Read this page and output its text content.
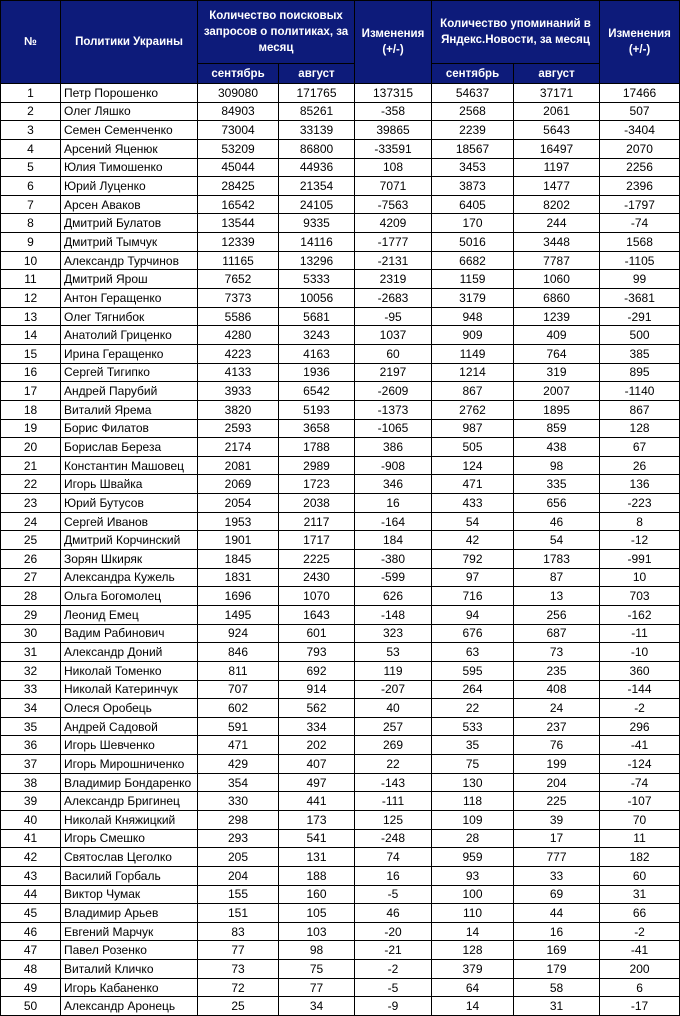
№	Политики Украины	Количество поисковых запросов о политиках, за месяц		Изменения (+/-)	Количество упоминаний в Яндекс.Новости, за месяц		Изменения (+/-)
		сентябрь	август		сентябрь	август	
1	Петр Порошенко	309080	171765	137315	54637	37171	17466
2	Олег Ляшко	84903	85261	-358	2568	2061	507
3	Семен Семенченко	73004	33139	39865	2239	5643	-3404
4	Арсений Яценюк	53209	86800	-33591	18567	16497	2070
5	Юлия Тимошенко	45044	44936	108	3453	1197	2256
6	Юрий Луценко	28425	21354	7071	3873	1477	2396
7	Арсен Аваков	16542	24105	-7563	6405	8202	-1797
8	Дмитрий Булатов	13544	9335	4209	170	244	-74
9	Дмитрий Тымчук	12339	14116	-1777	5016	3448	1568
10	Александр Турчинов	11165	13296	-2131	6682	7787	-1105
11	Дмитрий Ярош	7652	5333	2319	1159	1060	99
12	Антон Геращенко	7373	10056	-2683	3179	6860	-3681
13	Олег Тягнибок	5586	5681	-95	948	1239	-291
14	Анатолий Гриценко	4280	3243	1037	909	409	500
15	Ирина Геращенко	4223	4163	60	1149	764	385
16	Сергей Тигипко	4133	1936	2197	1214	319	895
17	Андрей Парубий	3933	6542	-2609	867	2007	-1140
18	Виталий Ярема	3820	5193	-1373	2762	1895	867
19	Борис Филатов	2593	3658	-1065	987	859	128
20	Борислав Береза	2174	1788	386	505	438	67
21	Константин Машовец	2081	2989	-908	124	98	26
22	Игорь Швайка	2069	1723	346	471	335	136
23	Юрий Бутусов	2054	2038	16	433	656	-223
24	Сергей Иванов	1953	2117	-164	54	46	8
25	Дмитрий Корчинский	1901	1717	184	42	54	-12
26	Зорян Шкиряк	1845	2225	-380	792	1783	-991
27	Александра Кужель	1831	2430	-599	97	87	10
28	Ольга Богомолец	1696	1070	626	716	13	703
29	Леонид Емец	1495	1643	-148	94	256	-162
30	Вадим Рабинович	924	601	323	676	687	-11
31	Александр Доний	846	793	53	63	73	-10
32	Николай Томенко	811	692	119	595	235	360
33	Николай Катеринчук	707	914	-207	264	408	-144
34	Олеся Оробець	602	562	40	22	24	-2
35	Андрей Садовой	591	334	257	533	237	296
36	Игорь Шевченко	471	202	269	35	76	-41
37	Игорь Мирошниченко	429	407	22	75	199	-124
38	Владимир Бондаренко	354	497	-143	130	204	-74
39	Александр Бригинец	330	441	-111	118	225	-107
40	Николай Княжицкий	298	173	125	109	39	70
41	Игорь Смешко	293	541	-248	28	17	11
42	Святослав Цеголко	205	131	74	959	777	182
43	Василий Горбаль	204	188	16	93	33	60
44	Виктор Чумак	155	160	-5	100	69	31
45	Владимир Арьев	151	105	46	110	44	66
46	Евгений Марчук	83	103	-20	14	16	-2
47	Павел Розенко	77	98	-21	128	169	-41
48	Виталий Кличко	73	75	-2	379	179	200
49	Игорь Кабаненко	72	77	-5	64	58	6
50	Александр Аронець	25	34	-9	14	31	-17
